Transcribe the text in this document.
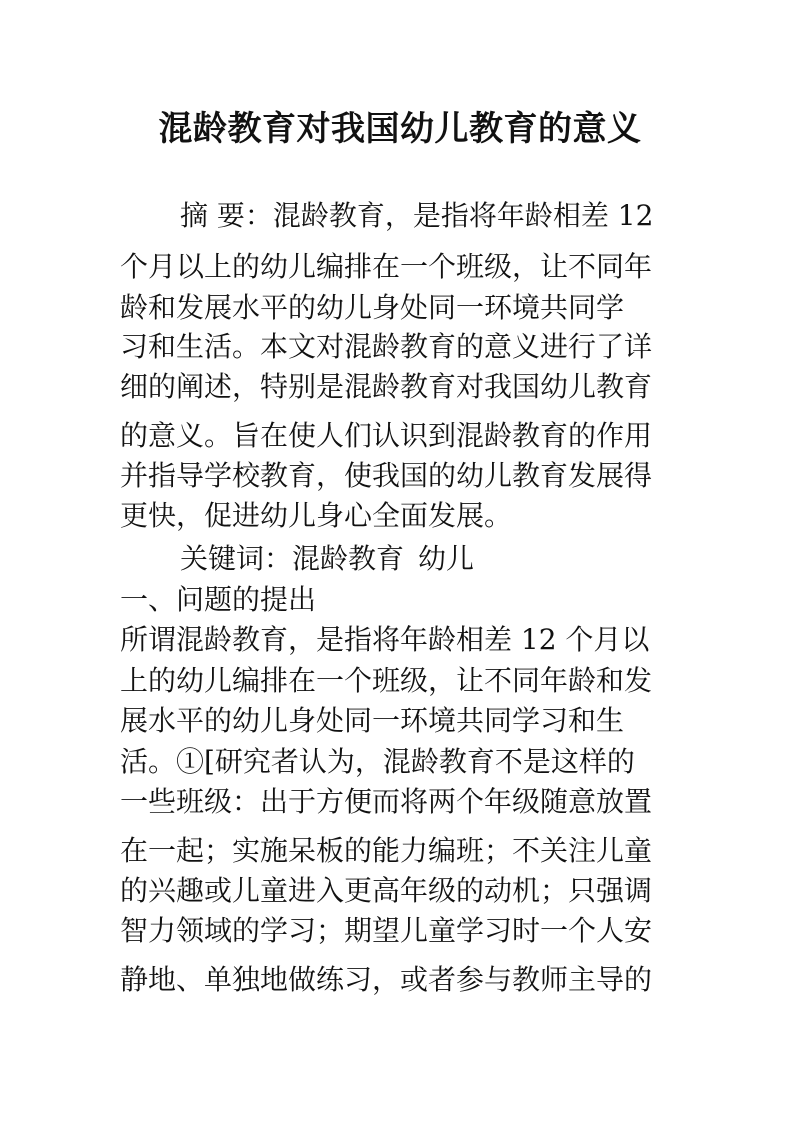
混龄教育对我国幼儿教育的意义

摘 要：混龄教育，是指将年龄相差 12

个月以上的幼儿编排在一个班级，让不同年

龄和发展水平的幼儿身处同一环境共同学

习和生活。本文对混龄教育的意义进行了详

细的阐述，特别是混龄教育对我国幼儿教育

的意义。旨在使人们认识到混龄教育的作用

并指导学校教育，使我国的幼儿教育发展得

更快，促进幼儿身心全面发展。

关键词：混龄教育 幼儿

一、问题的提出

所谓混龄教育，是指将年龄相差 12 个月以

上的幼儿编排在一个班级，让不同年龄和发

展水平的幼儿身处同一环境共同学习和生

活。①[研究者认为，混龄教育不是这样的

一些班级：出于方便而将两个年级随意放置

在一起；实施呆板的能力编班；不关注儿童

的兴趣或儿童进入更高年级的动机；只强调

智力领域的学习；期望儿童学习时一个人安

静地、单独地做练习，或者参与教师主导的
